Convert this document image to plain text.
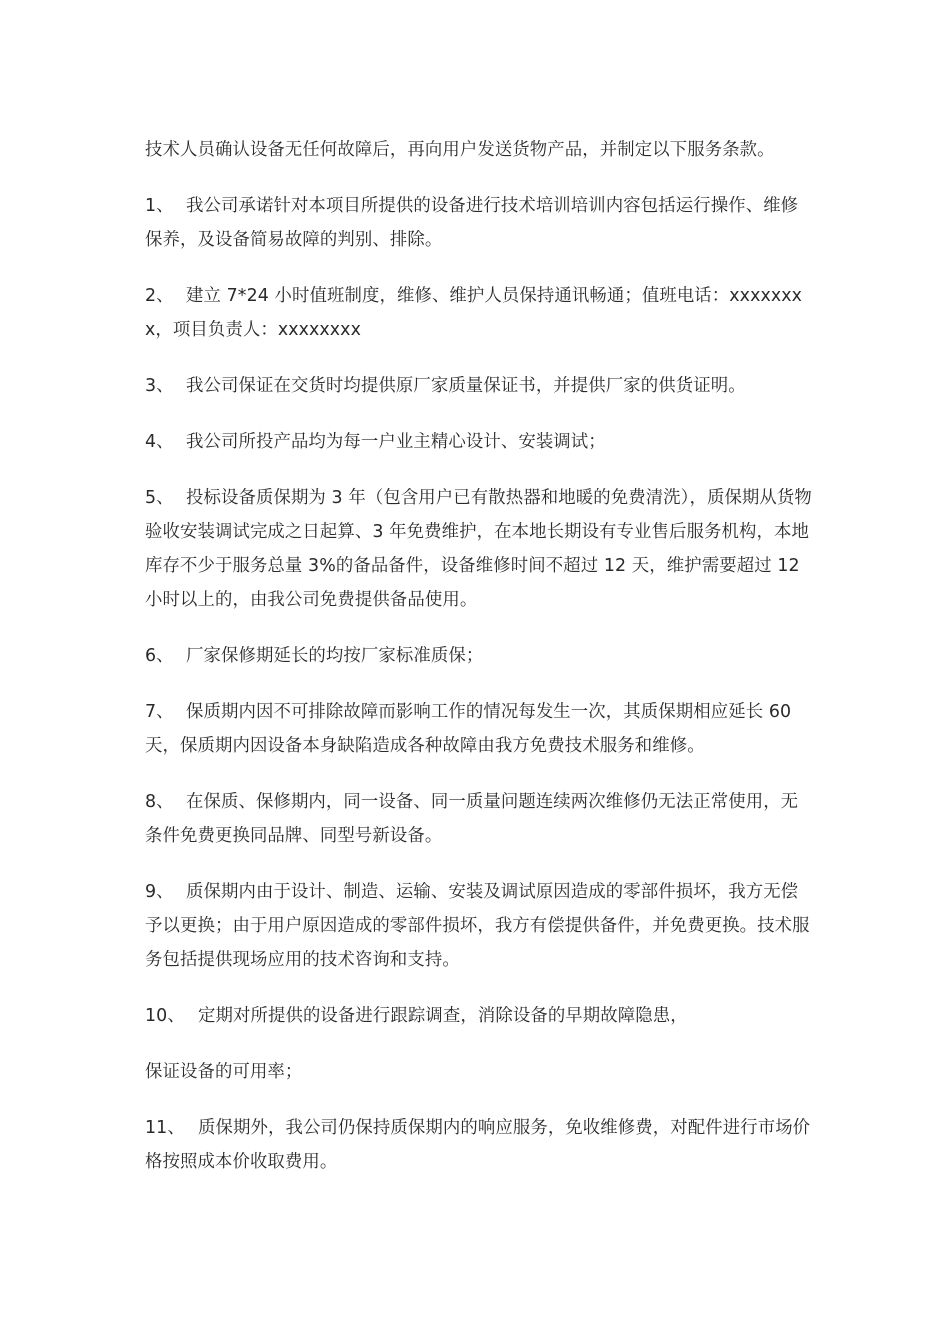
技术人员确认设备无任何故障后，再向用户发送货物产品，并制定以下服务条款。

1、 我公司承诺针对本项目所提供的设备进行技术培训培训内容包括运行操作、维修保养，及设备简易故障的判别、排除。

2、 建立 7*24 小时值班制度，维修、维护人员保持通讯畅通；值班电话：xxxxxxxx，项目负责人：xxxxxxxx

3、 我公司保证在交货时均提供原厂家质量保证书，并提供厂家的供货证明。

4、 我公司所投产品均为每一户业主精心设计、安装调试；

5、 投标设备质保期为 3 年（包含用户已有散热器和地暖的免费清洗），质保期从货物验收安装调试完成之日起算、3 年免费维护，在本地长期设有专业售后服务机构，本地库存不少于服务总量 3%的备品备件，设备维修时间不超过 12 天，维护需要超过 12 小时以上的，由我公司免费提供备品使用。

6、 厂家保修期延长的均按厂家标准质保；

7、 保质期内因不可排除故障而影响工作的情况每发生一次，其质保期相应延长 60 天，保质期内因设备本身缺陷造成各种故障由我方免费技术服务和维修。

8、 在保质、保修期内，同一设备、同一质量问题连续两次维修仍无法正常使用，无条件免费更换同品牌、同型号新设备。

9、 质保期内由于设计、制造、运输、安装及调试原因造成的零部件损坏，我方无偿予以更换；由于用户原因造成的零部件损坏，我方有偿提供备件，并免费更换。技术服务包括提供现场应用的技术咨询和支持。

10、 定期对所提供的设备进行跟踪调查，消除设备的早期故障隐患，

保证设备的可用率；

11、 质保期外，我公司仍保持质保期内的响应服务，免收维修费，对配件进行市场价格按照成本价收取费用。
